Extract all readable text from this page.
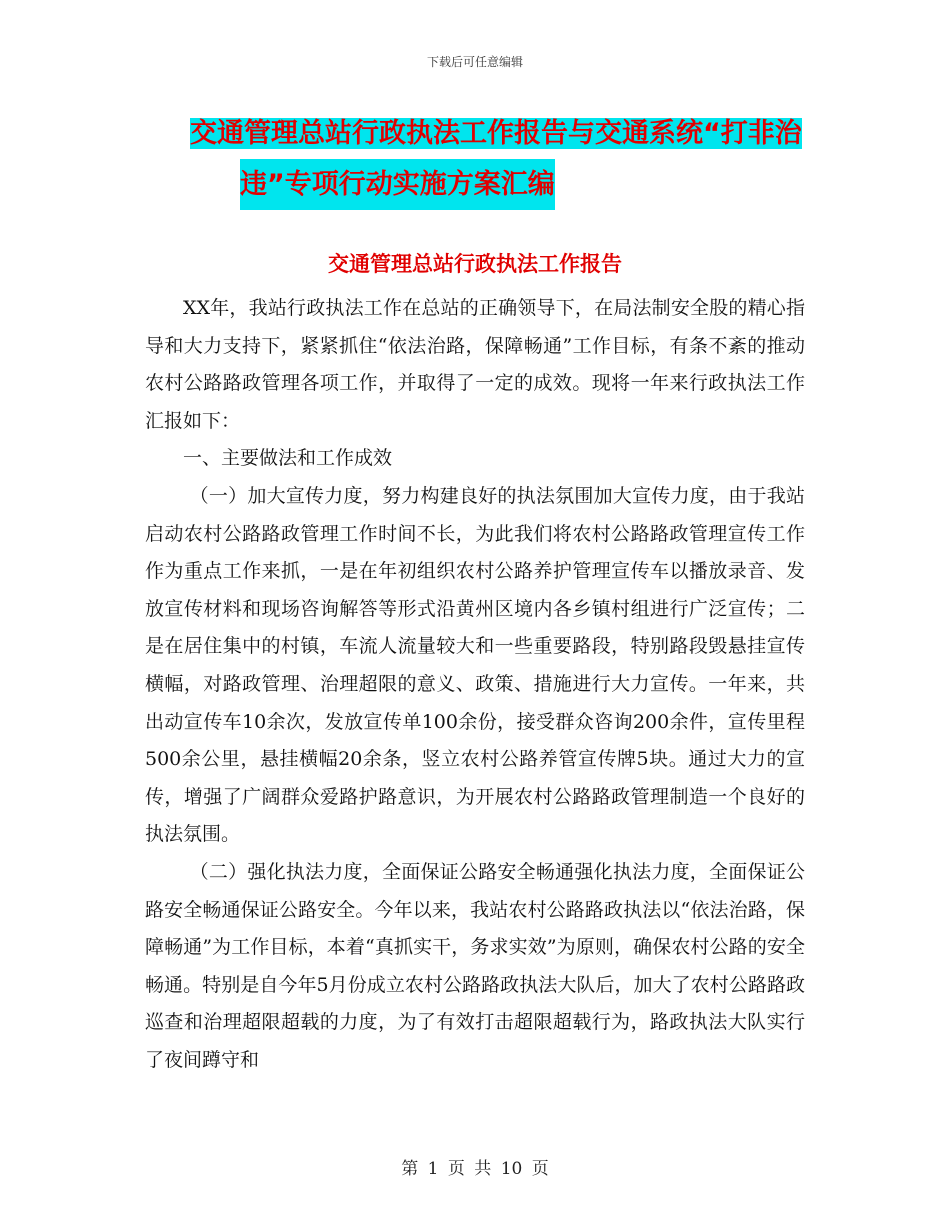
下载后可任意编辑
交通管理总站行政执法工作报告与交通系统“打非治
违”专项行动实施方案汇编
交通管理总站行政执法工作报告

XX年，我站行政执法工作在总站的正确领导下，在局法制安全股的精心指导和大力支持下，紧紧抓住“依法治路，保障畅通”工作目标，有条不紊的推动农村公路路政管理各项工作，并取得了一定的成效。现将一年来行政执法工作汇报如下：

一、主要做法和工作成效

（一）加大宣传力度，努力构建良好的执法氛围加大宣传力度，由于我站启动农村公路路政管理工作时间不长，为此我们将农村公路路政管理宣传工作作为重点工作来抓，一是在年初组织农村公路养护管理宣传车以播放录音、发放宣传材料和现场咨询解答等形式沿黄州区境内各乡镇村组进行广泛宣传；二是在居住集中的村镇，车流人流量较大和一些重要路段，特别路段毁悬挂宣传横幅，对路政管理、治理超限的意义、政策、措施进行大力宣传。一年来，共出动宣传车10余次，发放宣传单100余份，接受群众咨询200余件，宣传里程500余公里，悬挂横幅20余条，竖立农村公路养管宣传牌5块。通过大力的宣传，增强了广阔群众爱路护路意识，为开展农村公路路政管理制造一个良好的执法氛围。

（二）强化执法力度，全面保证公路安全畅通强化执法力度，全面保证公路安全畅通保证公路安全。今年以来，我站农村公路路政执法以“依法治路，保障畅通”为工作目标，本着“真抓实干，务求实效”为原则，确保农村公路的安全畅通。特别是自今年5月份成立农村公路路政执法大队后，加大了农村公路路政巡查和治理超限超载的力度，为了有效打击超限超载行为，路政执法大队实行了夜间蹲守和

第 1 页 共 10 页
